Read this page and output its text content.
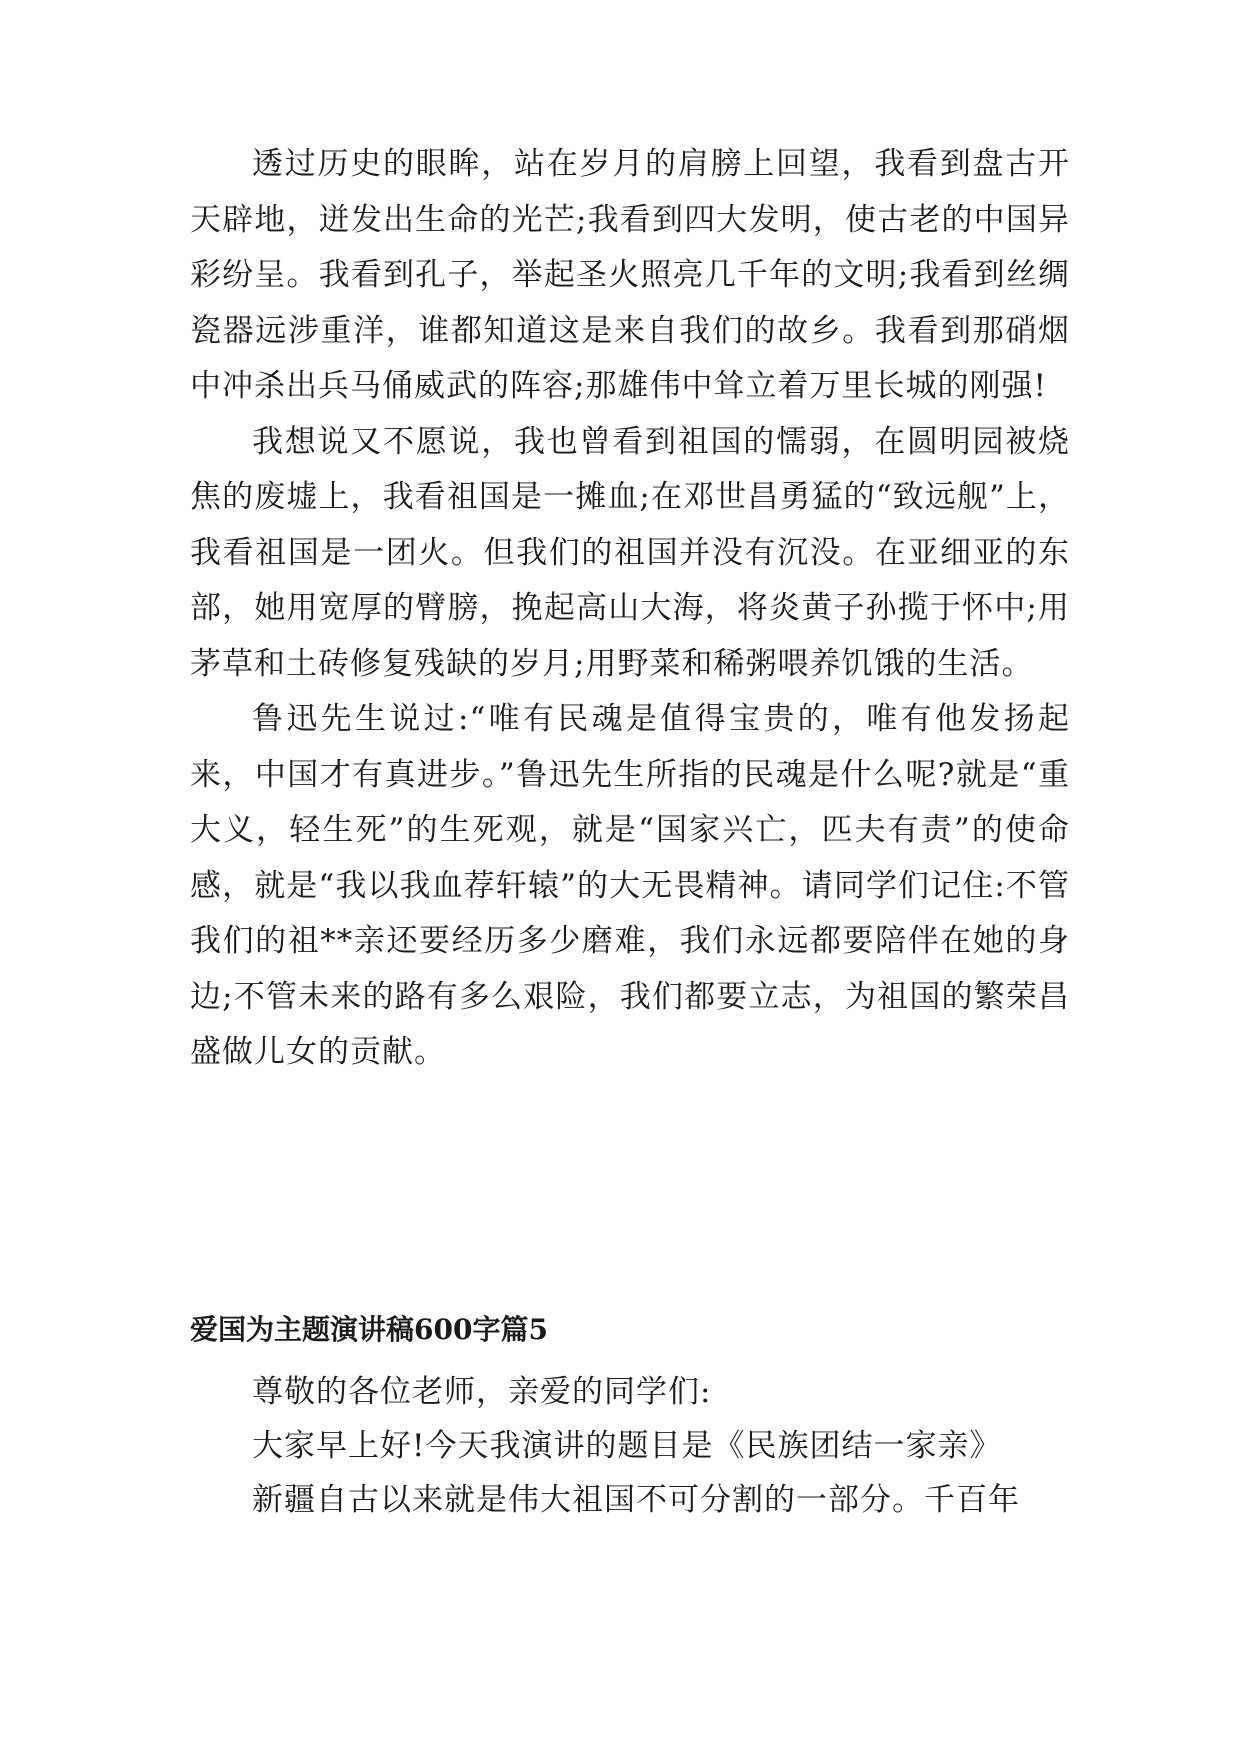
透过历史的眼眸，站在岁月的肩膀上回望，我看到盘古开天辟地，迸发出生命的光芒;我看到四大发明，使古老的中国异彩纷呈。我看到孔子，举起圣火照亮几千年的文明;我看到丝绸瓷器远涉重洋，谁都知道这是来自我们的故乡。我看到那硝烟中冲杀出兵马俑威武的阵容;那雄伟中耸立着万里长城的刚强!

我想说又不愿说，我也曾看到祖国的懦弱，在圆明园被烧焦的废墟上，我看祖国是一摊血;在邓世昌勇猛的“致远舰”上，我看祖国是一团火。但我们的祖国并没有沉没。在亚细亚的东部，她用宽厚的臂膀，挽起高山大海，将炎黄子孙揽于怀中;用茅草和土砖修复残缺的岁月;用野菜和稀粥喂养饥饿的生活。

鲁迅先生说过:“唯有民魂是值得宝贵的，唯有他发扬起来，中国才有真进步。”鲁迅先生所指的民魂是什么呢?就是“重大义，轻生死”的生死观，就是“国家兴亡，匹夫有责”的使命感，就是“我以我血荐轩辕”的大无畏精神。请同学们记住:不管我们的祖**亲还要经历多少磨难，我们永远都要陪伴在她的身边;不管未来的路有多么艰险，我们都要立志，为祖国的繁荣昌盛做儿女的贡献。

爱国为主题演讲稿600字篇5

尊敬的各位老师，亲爱的同学们:

大家早上好!今天我演讲的题目是《民族团结一家亲》

新疆自古以来就是伟大祖国不可分割的一部分。千百年
